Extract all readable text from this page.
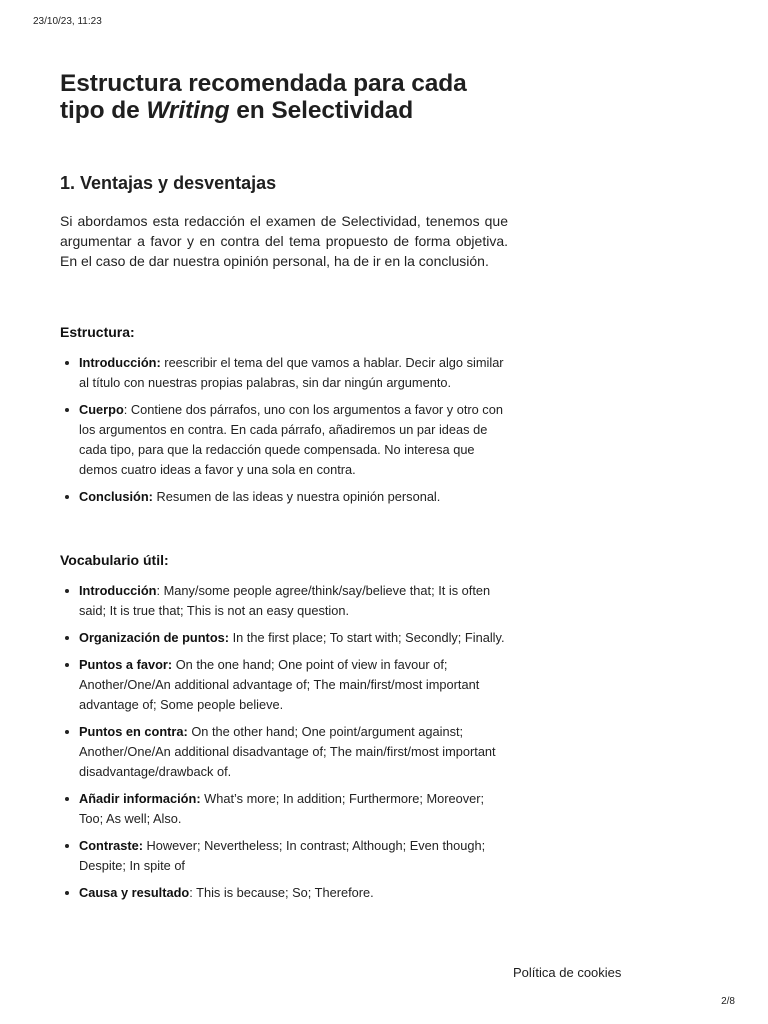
23/10/23, 11:23
Estructura recomendada para cada tipo de Writing en Selectividad
1. Ventajas y desventajas

Si abordamos esta redacción el examen de Selectividad, tenemos que argumentar a favor y en contra del tema propuesto de forma objetiva. En el caso de dar nuestra opinión personal, ha de ir en la conclusión.

Estructura:
Introducción: reescribir el tema del que vamos a hablar. Decir algo similar al título con nuestras propias palabras, sin dar ningún argumento.
Cuerpo: Contiene dos párrafos, uno con los argumentos a favor y otro con los argumentos en contra. En cada párrafo, añadiremos un par ideas de cada tipo, para que la redacción quede compensada. No interesa que demos cuatro ideas a favor y una sola en contra.
Conclusión: Resumen de las ideas y nuestra opinión personal.
Vocabulario útil:
Introducción: Many/some people agree/think/say/believe that; It is often said; It is true that; This is not an easy question.
Organización de puntos: In the first place; To start with; Secondly; Finally.
Puntos a favor: On the one hand; One point of view in favour of; Another/One/An additional advantage of; The main/first/most important advantage of; Some people believe.
Puntos en contra: On the other hand; One point/argument against; Another/One/An additional disadvantage of; The main/first/most important disadvantage/drawback of.
Añadir información: What’s more; In addition; Furthermore; Moreover; Too; As well; Also.
Contraste: However; Nevertheless; In contrast; Although; Even though; Despite; In spite of
Causa y resultado: This is because; So; Therefore.
Política de cookies
2/8
